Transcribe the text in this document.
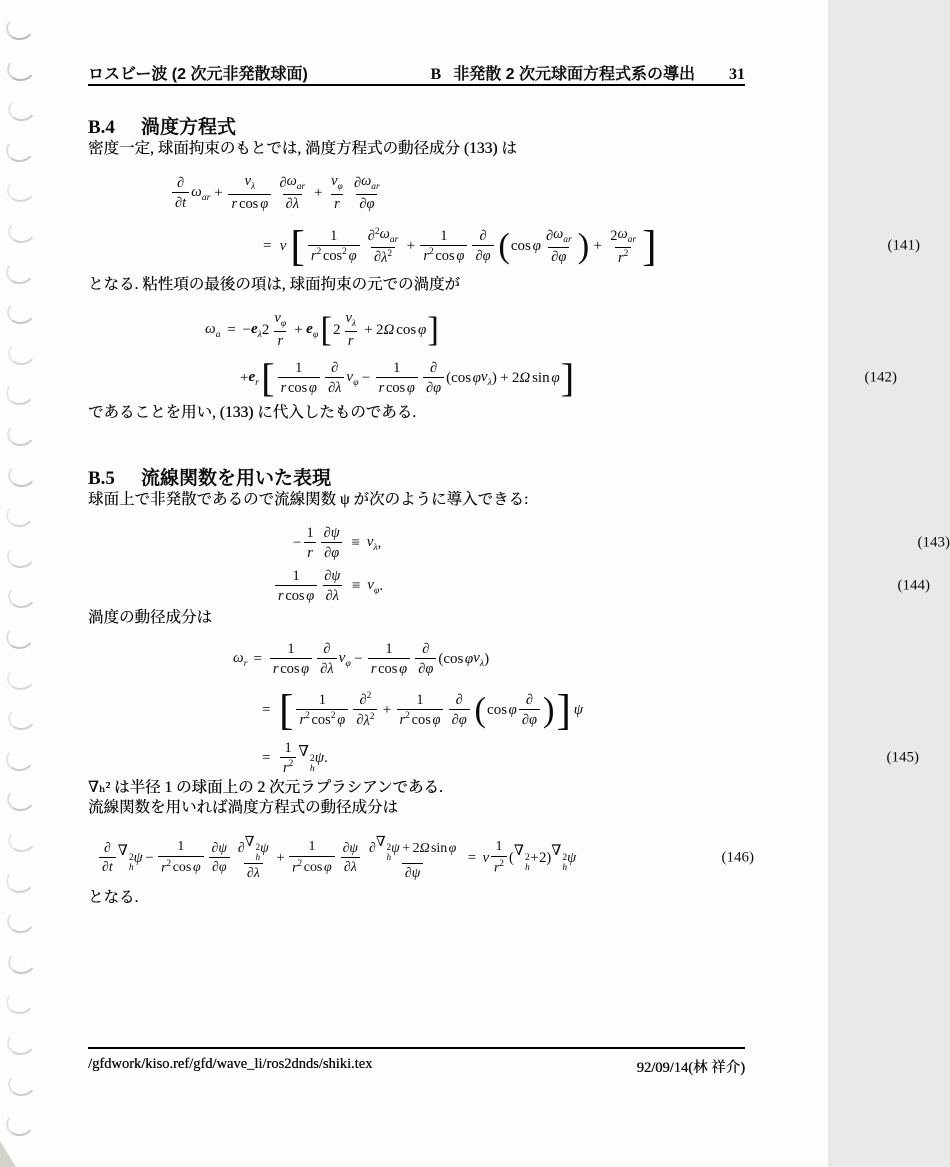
ロスビー波 (2 次元非発散球面)	B 非発散 2 次元球面方程式系の導出 31
B.4 渦度方程式

密度一定, 球面拘束のもとでは, 渦度方程式の動径成分 (133) は

$\frac{\partial}{\partial t} \omega_{ar} + \frac{v_\lambda}{\text{r cos φ}} \frac{\partial \omega_{ar}}{\partial\lambda} + \frac{v_\varphi}{r} \frac{\partial \omega_{ar}}{\partial\varphi}$
= ν [ $\frac{1}{r^2 \cos^2 \varphi} \frac{\partial^2 \omega_{ar}}{\partial \lambda^2} + \frac{1}{r^2 \cos \varphi} \frac{\partial}{\partial\varphi}$ ( cos φ $\frac{\partial \omega_{ar}}{\partial\varphi}$ ) + $\frac{2 \omega_{ar}}{r^2}$ ]	(141)

となる. 粘性項の最後の項は, 球面拘束の元での渦度が

$\omega_a$ = − $e_\lambda$ $2 \frac{v_\varphi}{r} + e_\varphi$ [ $2 \frac{v_\lambda}{r} + 2$ Ω cos φ ]
+ $e_r$ [ $\frac{1}{\text{r cos φ}} \frac{\partial}{\partial\lambda} v_\varphi - \frac{1}{\text{r cos φ}} \frac{\partial}{\partial\varphi}$ ( cos φ $v_\lambda$ ) + 2 Ω sin φ ]	(142)

であることを用い, (133) に代入したものである.

B.5 流線関数を用いた表現

球面上で非発散であるので流線関数 ψ が次のように導入できる:

− $\frac{1}{r} \frac{\partial\psi}{\partial\varphi} \equiv v_\lambda$ ,	(143)
$\frac{1}{\text{r cos φ}} \frac{\partial\psi}{\partial\lambda} \equiv v_\varphi$ .	(144)

渦度の動径成分は

$\omega_r = \frac{1}{\text{r cos φ}} \frac{\partial}{\partial\lambda} v_\varphi - \frac{1}{\text{r cos φ}} \frac{\partial}{\partial\varphi}$ ( cos φ $v_\lambda$ )
= [ $\frac{1}{r^2 \cos^2 \varphi} \frac{\partial^2}{\partial \lambda^2} + \frac{1}{r^2 \cos \varphi} \frac{\partial}{\partial\varphi}$ ( cos φ $\frac{\partial}{\partial\varphi}$ ) ] ψ
= $\frac{1}{r^2}$ ∇ 2
h
ψ .	(145)

∇ₕ² は半径 1 の球面上の 2 次元ラプラシアンである.

流線関数を用いれば渦度方程式の動径成分は

$\frac{\partial}{\partial t}$ ∇ 2
h
$\psi - \frac{1}{r^2 \cos \varphi} \frac{\partial\psi}{\partial\varphi}$ ∂ ∇ 2
h
ψ
$\partial\lambda + \frac{1}{r^2 \cos \varphi} \frac{\partial\psi}{\partial\lambda}$ ∂ ∇ 2
h
ψ + 2 Ω sin φ
∂ψ = ν $\frac{1}{r^2}$ ( ∇ 2
h
+ 2 ) ∇ 2
h
ψ	(146)

となる.

/gfdwork/kiso.ref/gfd/wave_li/ros2dnds/shiki.tex	92/09/14(林 祥介)
